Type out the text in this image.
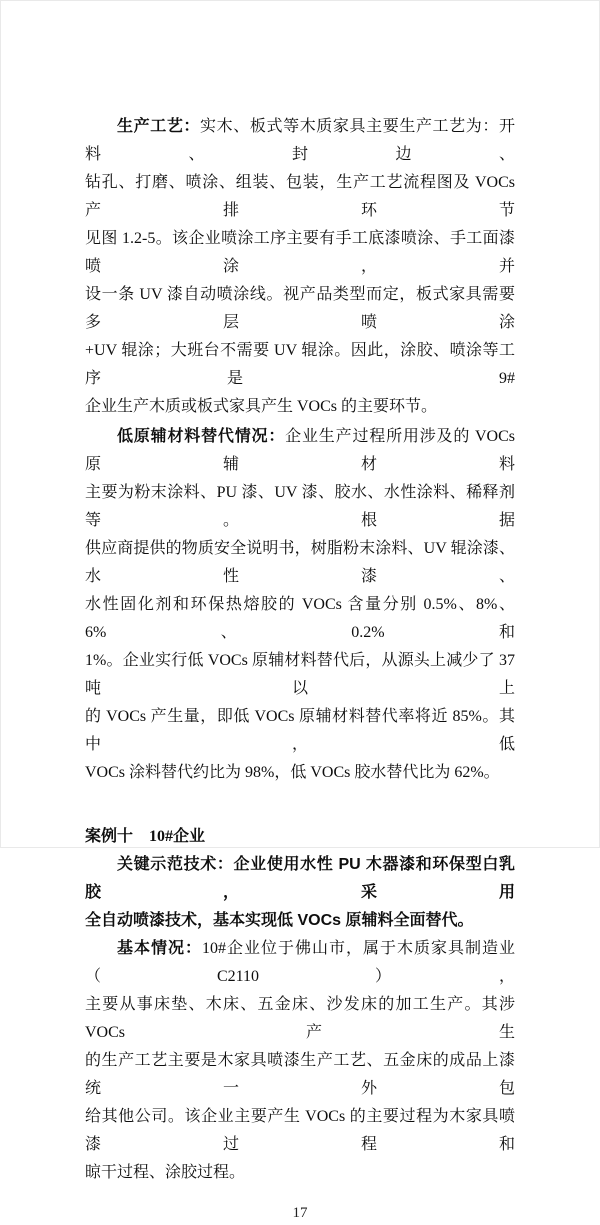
生产工艺：实木、板式等木质家具主要生产工艺为：开料、封边、
钻孔、打磨、喷涂、组装、包装，生产工艺流程图及 VOCs 产排环节
见图 1.2-5。该企业喷涂工序主要有手工底漆喷涂、手工面漆喷涂，并
设一条 UV 漆自动喷涂线。视产品类型而定，板式家具需要多层喷涂
+UV 辊涂；大班台不需要 UV 辊涂。因此，涂胶、喷涂等工序是 9#
企业生产木质或板式家具产生 VOCs 的主要环节。

低原辅材料替代情况：企业生产过程所用涉及的 VOCs 原辅材料
主要为粉末涂料、PU 漆、UV 漆、胶水、水性涂料、稀释剂等。根据
供应商提供的物质安全说明书，树脂粉末涂料、UV 辊涂漆、水性漆、
水性固化剂和环保热熔胶的 VOCs 含量分别 0.5%、8%、6%、0.2%和
1%。企业实行低 VOCs 原辅材料替代后，从源头上减少了 37 吨以上
的 VOCs 产生量，即低 VOCs 原辅材料替代率将近 85%。其中，低
VOCs 涂料替代约比为 98%，低 VOCs 胶水替代比为 62%。

案例十　10#企业

关键示范技术：企业使用水性 PU 木器漆和环保型白乳胶，采用
全自动喷漆技术，基本实现低 VOCs 原辅料全面替代。

基本情况：10#企业位于佛山市，属于木质家具制造业（C2110），
主要从事床垫、木床、五金床、沙发床的加工生产。其涉 VOCs 产生
的生产工艺主要是木家具喷漆生产工艺、五金床的成品上漆统一外包
给其他公司。该企业主要产生 VOCs 的主要过程为木家具喷漆过程和
晾干过程、涂胶过程。

17
